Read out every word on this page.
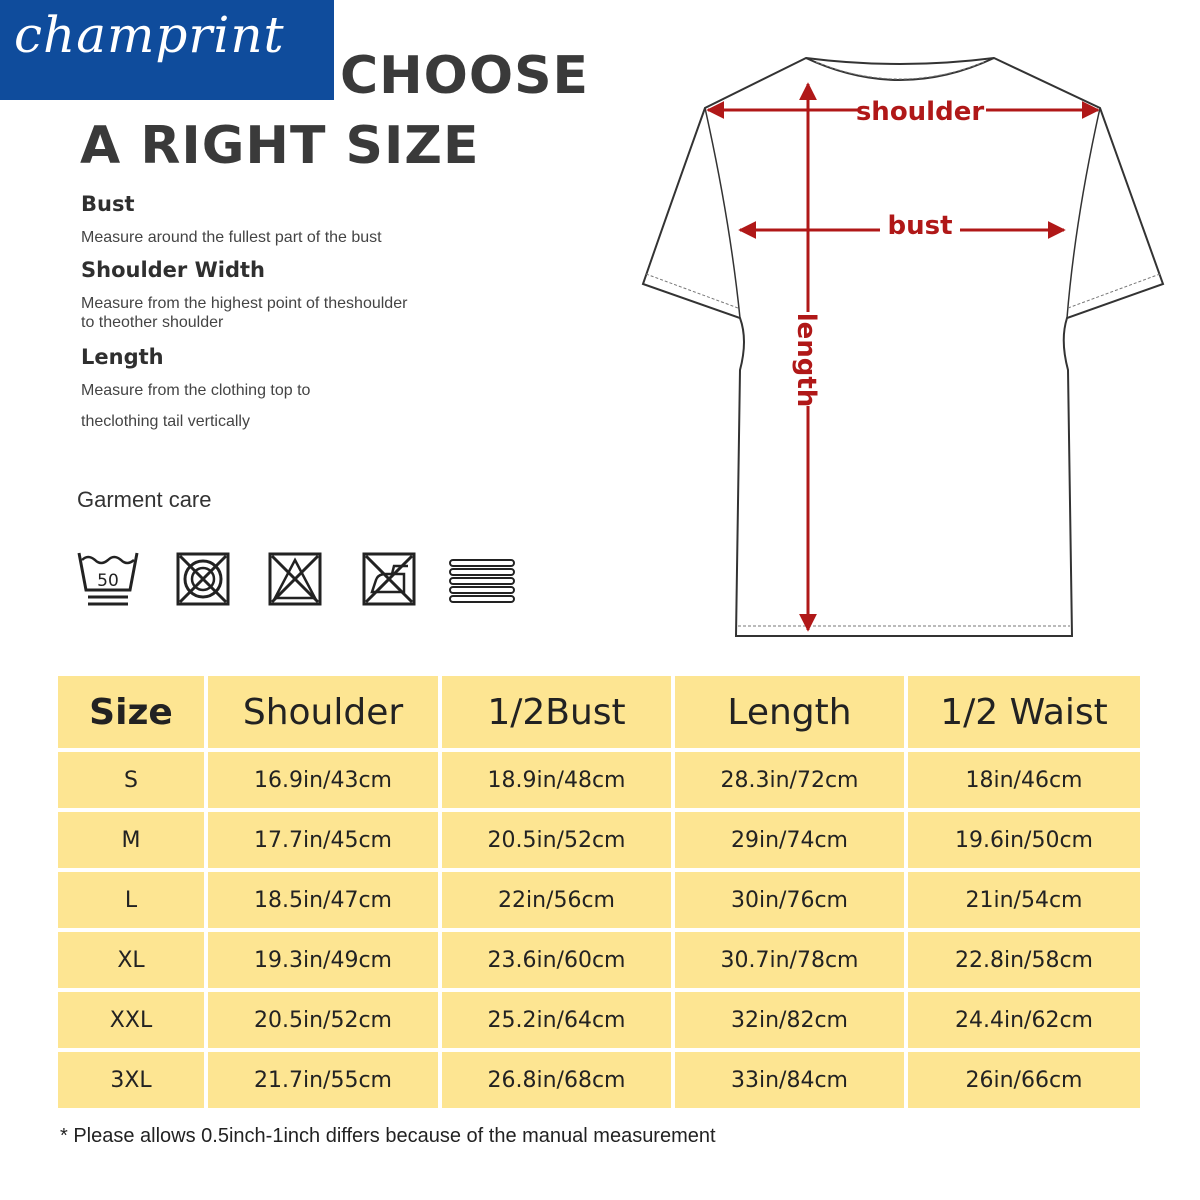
champrint
CHOOSE
A RIGHT SIZE
Bust
Measure around the fullest part of the bust
Shoulder Width
Measure from the highest point of theshoulder
to theother shoulder
Length
Measure from the clothing top to
theclothing tail vertically
Garment care
50
shoulder
bust
length
Size	Shoulder	1/2Bust	Length	1/2 Waist
S	16.9in/43cm	18.9in/48cm	28.3in/72cm	18in/46cm
M	17.7in/45cm	20.5in/52cm	29in/74cm	19.6in/50cm
L	18.5in/47cm	22in/56cm	30in/76cm	21in/54cm
XL	19.3in/49cm	23.6in/60cm	30.7in/78cm	22.8in/58cm
XXL	20.5in/52cm	25.2in/64cm	32in/82cm	24.4in/62cm
3XL	21.7in/55cm	26.8in/68cm	33in/84cm	26in/66cm
* Please allows 0.5inch-1inch differs because of the manual measurement
